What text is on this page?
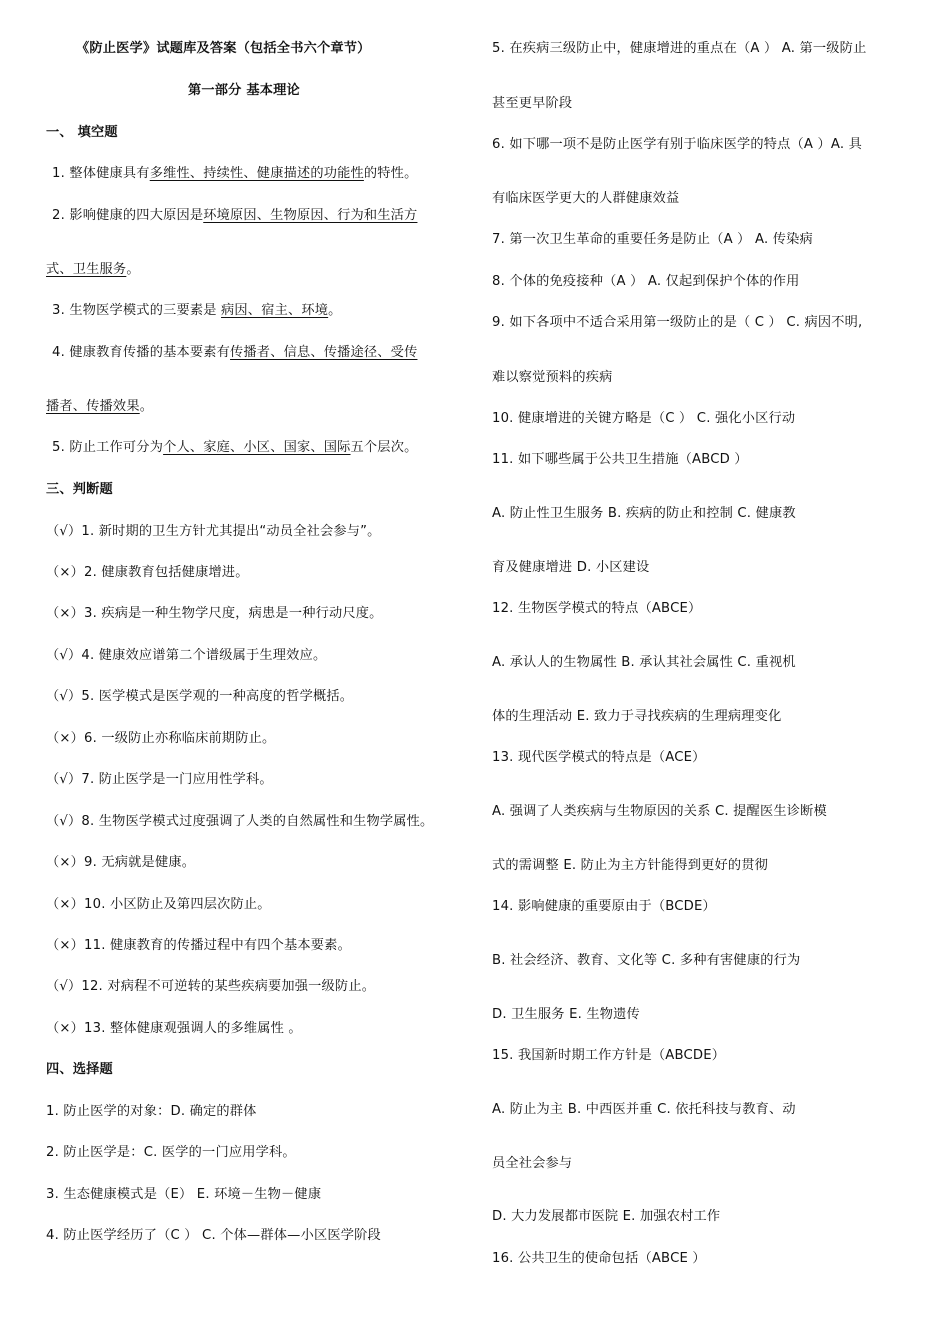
《防止医学》试题库及答案（包括全书六个章节）
第一部分 基本理论
一、 填空题
1. 整体健康具有多维性、持续性、健康描述的功能性的特性。
2. 影响健康的四大原因是环境原因、生物原因、行为和生活方
式、卫生服务。
3. 生物医学模式的三要素是 病因、宿主、环境。
4. 健康教育传播的基本要素有传播者、信息、传播途径、受传
播者、传播效果。
5. 防止工作可分为个人、家庭、小区、国家、国际五个层次。
三、判断题
（√）1. 新时期的卫生方针尤其提出“动员全社会参与”。
（×）2. 健康教育包括健康增进。
（×）3. 疾病是一种生物学尺度，病患是一种行动尺度。
（√）4. 健康效应谱第二个谱级属于生理效应。
（√）5. 医学模式是医学观的一种高度的哲学概括。
（×）6. 一级防止亦称临床前期防止。
（√）7. 防止医学是一门应用性学科。
（√）8. 生物医学模式过度强调了人类的自然属性和生物学属性。
（×）9. 无病就是健康。
（×）10. 小区防止及第四层次防止。
（×）11. 健康教育的传播过程中有四个基本要素。
（√）12. 对病程不可逆转的某些疾病要加强一级防止。
（×）13. 整体健康观强调人的多维属性 。
四、选择题
1. 防止医学的对象：D. 确定的群体
2. 防止医学是：C. 医学的一门应用学科。
3. 生态健康模式是（E） E. 环境－生物－健康
4. 防止医学经历了（C ） C. 个体—群体—小区医学阶段
5. 在疾病三级防止中，健康增进的重点在（A ） A. 第一级防止
甚至更早阶段
6. 如下哪一项不是防止医学有别于临床医学的特点（A ）A. 具
有临床医学更大的人群健康效益
7. 第一次卫生革命的重要任务是防止（A ） A. 传染病
8. 个体的免疫接种（A ） A. 仅起到保护个体的作用
9. 如下各项中不适合采用第一级防止的是（ C ） C. 病因不明,
难以察觉预料的疾病
10. 健康增进的关键方略是（C ） C. 强化小区行动
11. 如下哪些属于公共卫生措施（ABCD ）
A. 防止性卫生服务 B. 疾病的防止和控制 C. 健康教
育及健康增进 D. 小区建设
12. 生物医学模式的特点（ABCE）
A. 承认人的生物属性 B. 承认其社会属性 C. 重视机
体的生理活动 E. 致力于寻找疾病的生理病理变化
13. 现代医学模式的特点是（ACE）
A. 强调了人类疾病与生物原因的关系 C. 提醒医生诊断模
式的需调整 E. 防止为主方针能得到更好的贯彻
14. 影响健康的重要原由于（BCDE）
B. 社会经济、教育、文化等 C. 多种有害健康的行为
D. 卫生服务 E. 生物遗传
15. 我国新时期工作方针是（ABCDE）
A. 防止为主 B. 中西医并重 C. 依托科技与教育、动
员全社会参与
D. 大力发展都市医院 E. 加强农村工作
16. 公共卫生的使命包括（ABCE ）
